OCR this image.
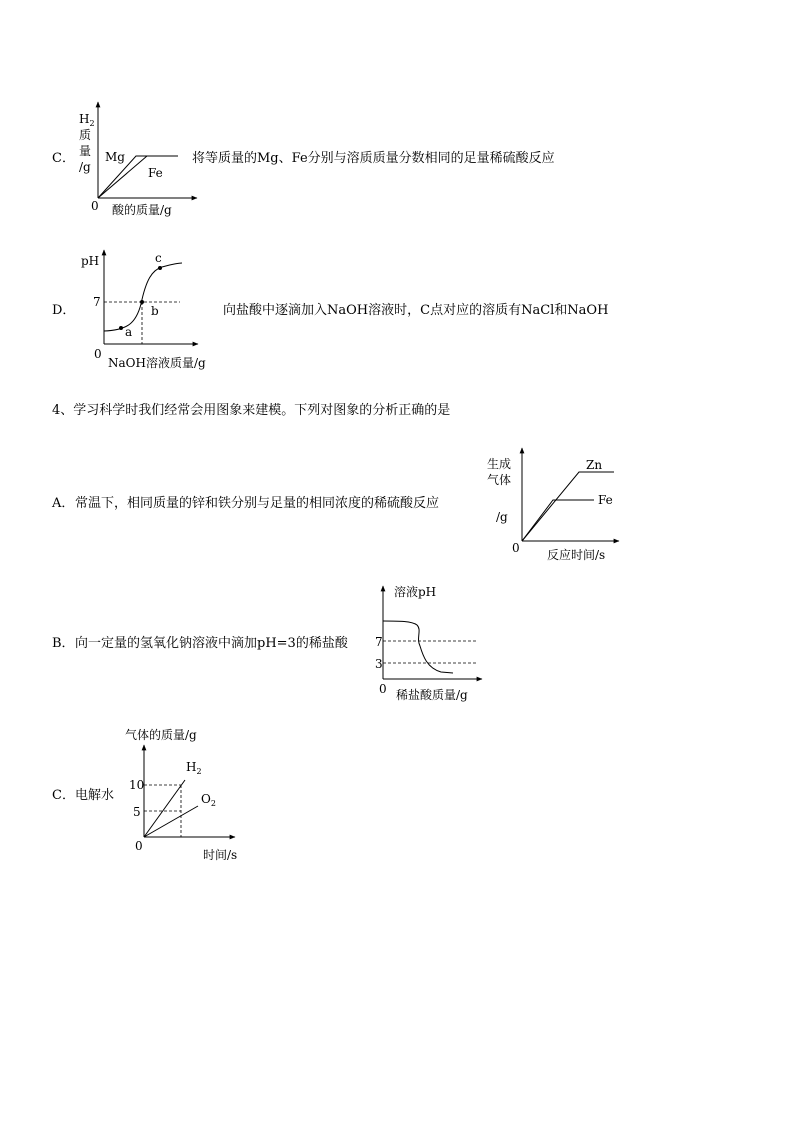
C．
$H_2$
质
量
/g
0 酸的质量/g
Mg
Fe
将等质量的Mg、Fe分别与溶质质量分数相同的足量稀硫酸反应
D．
pH
7
0
NaOH溶液质量/g
a
b
c
向盐酸中逐滴加入NaOH溶液时，C点对应的溶质有NaCl和NaOH
4、学习科学时我们经常会用图象来建模。下列对图象的分析正确的是
A． 常温下，相同质量的锌和铁分别与足量的相同浓度的稀硫酸反应
生成
气体
/g
0 反应时间/s
Zn
Fe
B． 向一定量的氢氧化钠溶液中滴加pH=3的稀盐酸
溶液pH
7
3
0 稀盐酸质量/g
C． 电解水
气体的质量/g
10
5
0
时间/s
$H_2$
$O_2$
